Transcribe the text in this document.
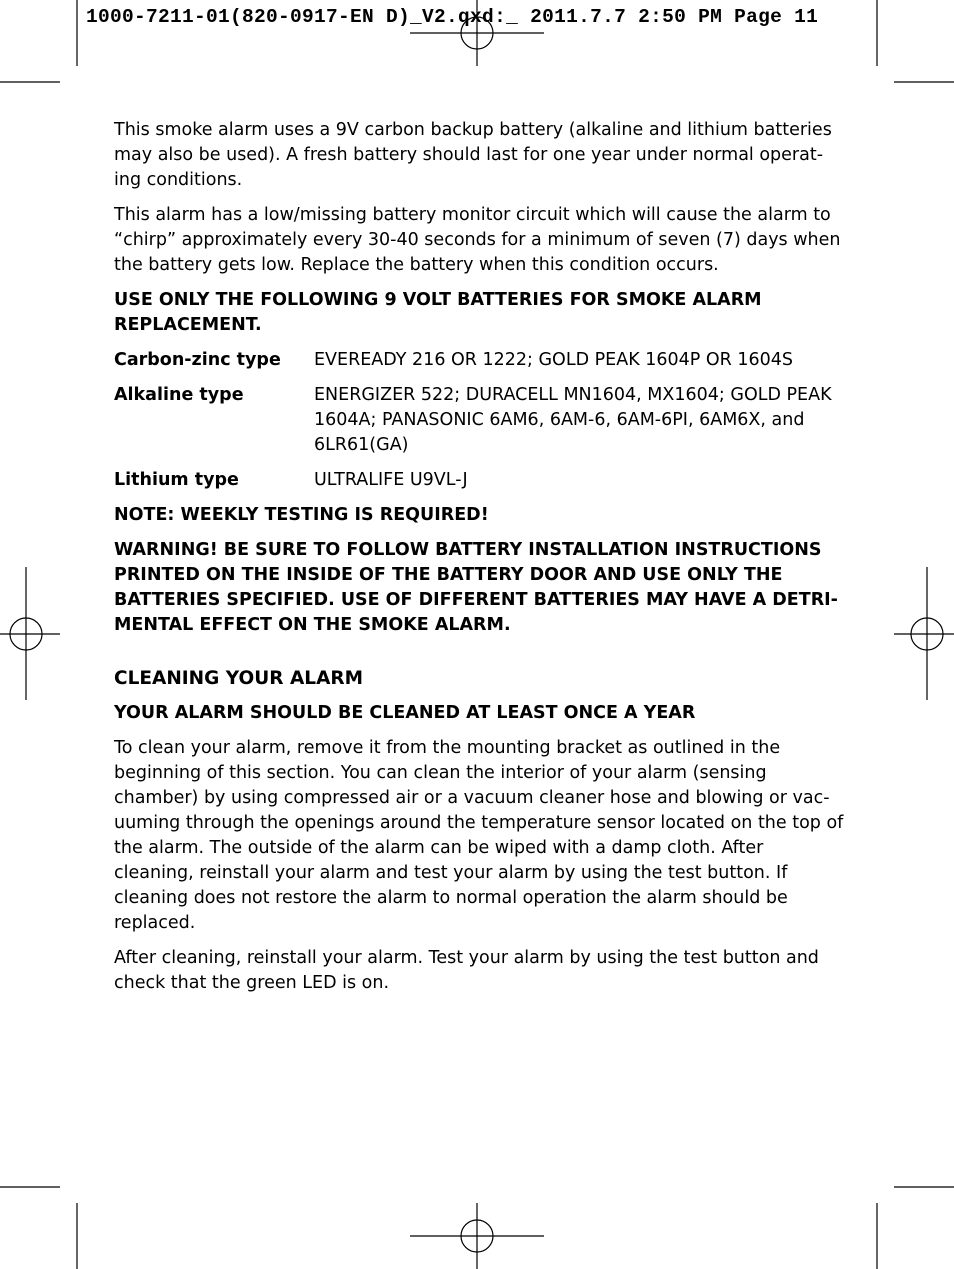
1000-7211-01(820-0917-EN D)_V2.qxd:_ 2011.7.7 2:50 PM Page 11

This smoke alarm uses a 9V carbon backup battery (alkaline and lithium batteries may also be used). A fresh battery should last for one year under normal operat-ing conditions.

This alarm has a low/missing battery monitor circuit which will cause the alarm to “chirp” approximately every 30-40 seconds for a minimum of seven (7) days when the battery gets low. Replace the battery when this condition occurs.

USE ONLY THE FOLLOWING 9 VOLT BATTERIES FOR SMOKE ALARM REPLACEMENT.

Carbon-zinc type	EVEREADY 216 OR 1222; GOLD PEAK 1604P OR 1604S
Alkaline type	ENERGIZER 522; DURACELL MN1604, MX1604; GOLD PEAK 1604A; PANASONIC 6AM6, 6AM-6, 6AM-6PI, 6AM6X, and 6LR61(GA)
Lithium type	ULTRALIFE U9VL-J

NOTE: WEEKLY TESTING IS REQUIRED!

WARNING! BE SURE TO FOLLOW BATTERY INSTALLATION INSTRUCTIONS PRINTED ON THE INSIDE OF THE BATTERY DOOR AND USE ONLY THE BATTERIES SPECIFIED. USE OF DIFFERENT BATTERIES MAY HAVE A DETRI-MENTAL EFFECT ON THE SMOKE ALARM.

CLEANING YOUR ALARM

YOUR ALARM SHOULD BE CLEANED AT LEAST ONCE A YEAR

To clean your alarm, remove it from the mounting bracket as outlined in the beginning of this section. You can clean the interior of your alarm (sensing chamber) by using compressed air or a vacuum cleaner hose and blowing or vac-uuming through the openings around the temperature sensor located on the top of the alarm. The outside of the alarm can be wiped with a damp cloth. After cleaning, reinstall your alarm and test your alarm by using the test button. If cleaning does not restore the alarm to normal operation the alarm should be replaced.

After cleaning, reinstall your alarm. Test your alarm by using the test button and check that the green LED is on.
